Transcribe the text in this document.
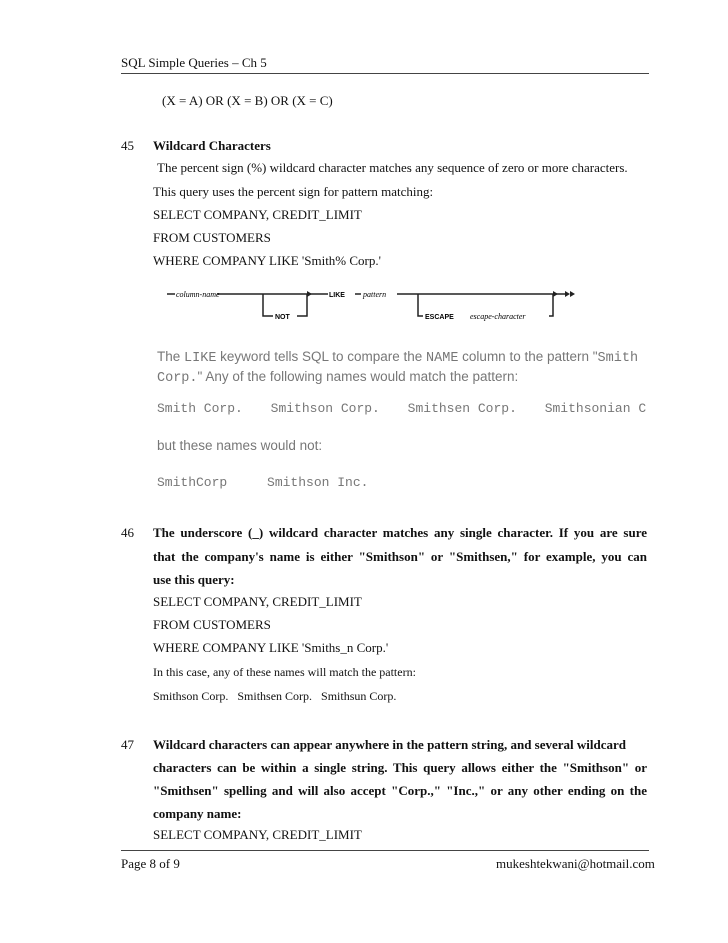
SQL Simple Queries – Ch 5
(X = A) OR (X = B) OR (X = C)
45 Wildcard Characters
The percent sign (%) wildcard character matches any sequence of zero or more characters.
This query uses the percent sign for pattern matching:
SELECT COMPANY, CREDIT_LIMIT
FROM CUSTOMERS
WHERE COMPANY LIKE 'Smith% Corp.'
column-name
NOT
LIKE pattern
ESCAPE escape-character
The LIKE keyword tells SQL to compare the NAME column to the pattern "Smith
Corp." Any of the following names would match the pattern:
Smith Corp. Smithson Corp. Smithsen Corp. Smithsonian C
but these names would not:
SmithCorp	Smithson Inc.
46 The underscore (_) wildcard character matches any single character. If you are sure
that the company's name is either "Smithson" or "Smithsen," for example, you can
use this query:
SELECT COMPANY, CREDIT_LIMIT
FROM CUSTOMERS
WHERE COMPANY LIKE 'Smiths_n Corp.'
In this case, any of these names will match the pattern:
Smithson Corp.   Smithsen Corp.   Smithsun Corp.
47 Wildcard characters can appear anywhere in the pattern string, and several wildcard
characters can be within a single string. This query allows either the "Smithson" or
"Smithsen" spelling and will also accept "Corp.," "Inc.," or any other ending on the
company name:
SELECT COMPANY, CREDIT_LIMIT
Page 8 of 9	mukeshtekwani@hotmail.com
